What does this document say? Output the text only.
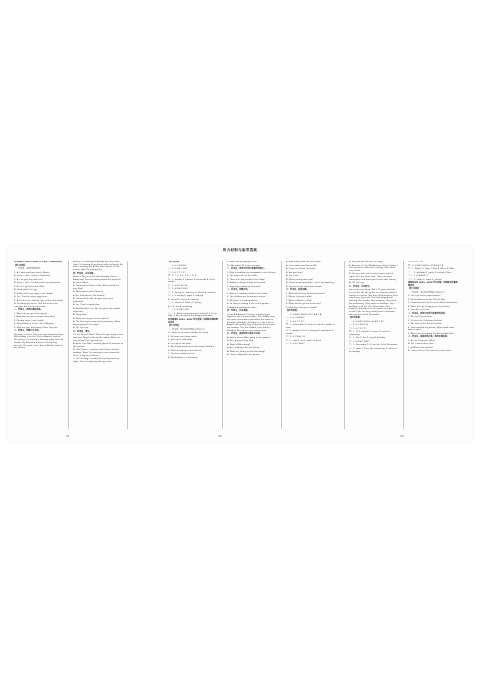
听力材料与参考答案
苏州常熟市 2022—2023 学年度第二学期期末检测
【听力材料】
一、听对话，选择正确的图片。
1. A: Come and have lunch, Nancy.
B: Sorry, I can't. I have a toothache.
2. A: Can you play with me?
B: Sorry, I can't. I'm busy with my homework.
3. A: Let's go to the zoo, Mike.
B: Good idea! Let's go.
4. A: Are there any eggs in the fridge?
B: Yes. There're some eggs here.
5. A: Excuse me, how do I get to the shoe shop?
B: Go along the street. Turn left at the first crossing. You can see the shop.
二、听短文，选择正确的答案。
1. When do you go to the party?
2. How does he go to school every day?
3. My dog loves, I can't walk.
4. My birthday is in the 11th of August.
5. Who are you, and Jimmy? Here they are.
三、听短文，判断句子正误。
My name is Chris. There are two important days. My birthday is on the 12th of August. Look at the picture. I'm having a birthday party with my friends. My favourite festival is the Spring Festival. This year is the Year of Rabbit. Look at the picture.
picture. I'm making dumplings with my mum. Look! I'm having a big dinner with my family. My dad is washing the dishes after dinner in this picture. And I'm helping him.
四、听对话，完成表格。
Father's Day is on the third Sunday of June. Bobby and Tina are talking about the presents for their father.
A: Tomorrow is Father's Day. What should we give Dad?
B: What about some flowers?
A: No, Dad doesn't like flowers.
B: Let me think. We can give him some postcards.
A: Yes. That's a good idea.
B: And Dad likes tea. We can go to the market tomorrow.
A: Good idea.
B: What can we get at the market?
A: The fine cups or tea to the pharmacy. What about going to the shop?
B: OK. Let's go.
五、听录音，填空。
It's the 23rd of March. Now let's get ready to the meeting. People write all the tables. What are they doing? Let's go and see.
A: Hello, Tim Mike. I usually spend 30 minutes at the market.
B: I like Dance. I usually read Chinese before bedtime. Wow. I'm learning to use chopsticks. She is a big fan of dance.
C: I'm Liu Yang. I usually do my homework at night. Then I'm playing with my sister.
【参考答案】
一、1~5 C A B A C
二、1~5 B A C B A
三、1~5 T F T F T
四、1. ✓ 2. ✕ 3. ✕ 4. ✓ 5. ✕
五、1. Sunday 2. flowers 3. postcards 4. tea 5. market
六、1~5 A C B C A
七、1~6 B A C A B C
八、1. January 2. February 3. March 4. autumn
九、1. is eating 2. apple 3. waiting
4. visited 5. cousin 6. cooking
十、1. shorter 2. Easier 3. thirsty
4. Is 5. was 6. watching
十一、1~5 B A C B B
十二、1. What's your favourite festival? 2. It's in May. 3. We can watch the dragon boat race.
苏州相城区 2022—2023 学年度第二学期期末调研测试试卷
【听力材料】
一、听录音，选出你所听到的单词或句子。
1. I want to eat some noodles for lunch.
2. My mum can make cakes.
3. Tom has a cold today.
4. Let's go to the park.
5. We should brush our teeth before bedtime.
6. Mum is cooking in the kitchen.
7. The first number is ten.
8. My birthday is in February.
9. What are you going to do?
10. We watch TV in the evening.
二、听录音，选择与所听内容相符的图片。
1. Mike is reading the newspaper in the kitchen.
2. The cakes are on the table.
3. There isn't any bread in the fridge.
4. Bobby is riding his bike in the park.
5. Yang Ling is playing the piano.
三、听录音，判断正误。
1. Nancy is reading a book in the study.
2. The children are listening to music.
3. My father is cooking dinner.
4. Su Yang is making a kite in the garden.
5. Bobby is washing his bike.
四、听短文，完成表格。
In the Mid-Autumn Festival, my family get together and eat mooncakes. The children can eat some mooncakes and watch the moon in the park. Grandpa's birthday is in the 11th of August. We usually buy a big cake for him and eat noodles. The 9th of April is my father's birthday. We make a nice card for him.
五、听录音，根据所听内容补全对话。
A: Helen, who is Mike going to the garden?
B: He's going to help Dad.
A: What is Mike doing?
B: He's making a kite for Jimmy.
A: What are Jimmy and Su Hai doing?
B: They're playing in the garden.
A: How many kites can you make?
B: I can make two. Doctor Wu!
A: Come in, please. Sit down.
B: Are you Sam?
A: Yes, I am.
B: What's wrong with you?
A: I have a bad toothache. I can't eat anything.
B: Let me check. Open your mouth.
六、听录音，回答问题。
1. What did the boy do last weekend?
2. Where is Jimmy's bike?
3. When is Mother's Day?
4. What did the girl do at the zoo?
5. How does she go to school?
【参考答案】
一、1~5 B A C A B 6~10 C A B C A
二、1~5 C A B A C
三、1~5 F T F T F
四、1. mooncakes 2. moon 3. cake 4. noodles 5. card
五、1. garden 2. kite 3. playing 4. toothache 5. mouth
六、1~5 C B A C A
七、1. cold 2. eat 3. water 4. drink
八、1~5 B C A A C
B: Why did you ask me, Su Yang?
A: Because it's the Mid-Autumn Festival today. I can eat some cakes this evening. I like cakes very much.
B: Oh, you can't eat so much sweet food at night. Let's eat some fruit. Then eat some mooncakes and brush your teeth after eating.
A: OK. Let's go.
七、听录音，完成短文。
Lily is my new friend. She's 11 years old. She lives in the UK. Her father is a teacher and her mother is a nurse. She has a little brother. She's only seven years old. Lily likes singing and dancing. Her brother likes drawing. They both like swimming. They swim on Sundays. Lily's birthday is on the 1st of December. Her brother's birthday is in December too. But it's on the 11th. So they usually have a birthday party at the end of December.
【参考答案】
一、1~5 A B C A B 6~10 A B C B C
二、1~5 C A B C A
三、1~5 T F T F T
四、1. 11 2. teacher 3. nurse 4. seven 5. swimming
五、1. fine 2. fun 3. sing 4. birthday
六、1~6 B A C B A C
七、1. December 2. It's on the 1st of December.
八、1. swim 2. They like swimming. 3. dance 4. on Sunday
2. B. P. B. C. A
四、1~5 A A C A B 6~10 B B A C A
五、1. What's 2. How 3. Who 4. When 5. Why
十一、1. birthday 2. party 3. eating 4. likes
十二、1~5 B A A C C
十三、1. cooks 2. takes 3. visited
南通如东县 2022—2023 学年度第二学期期末质量检测试卷
【听力材料】
一、听录音，选出你所听到的单词或句子。
1. Can I go to the supermarket?
2. My birthday is on the 11th of May.
3. Cinderella puts on the new clothes and shoes.
4. Mum, let's go shopping at City Library.
5. You can't eat here.
二、听录音，选择与所听内容相符的答语。
1. We can't fly the kites.
2. It's time for Christmas Festival.
3. We want to the Street Festival.
4. Tina tumbled my picture. Who needs more than a cake?
5. Where are you going, Su Hai and Bo Xiao?
三、听录音，根据对话内容，选择正确答案。
1. A: Can I help you, Mike?
B: Yes. I want some juice.
2. A: What's the matter?
B: I have a fever. You can rest in the room.
21	22	23
